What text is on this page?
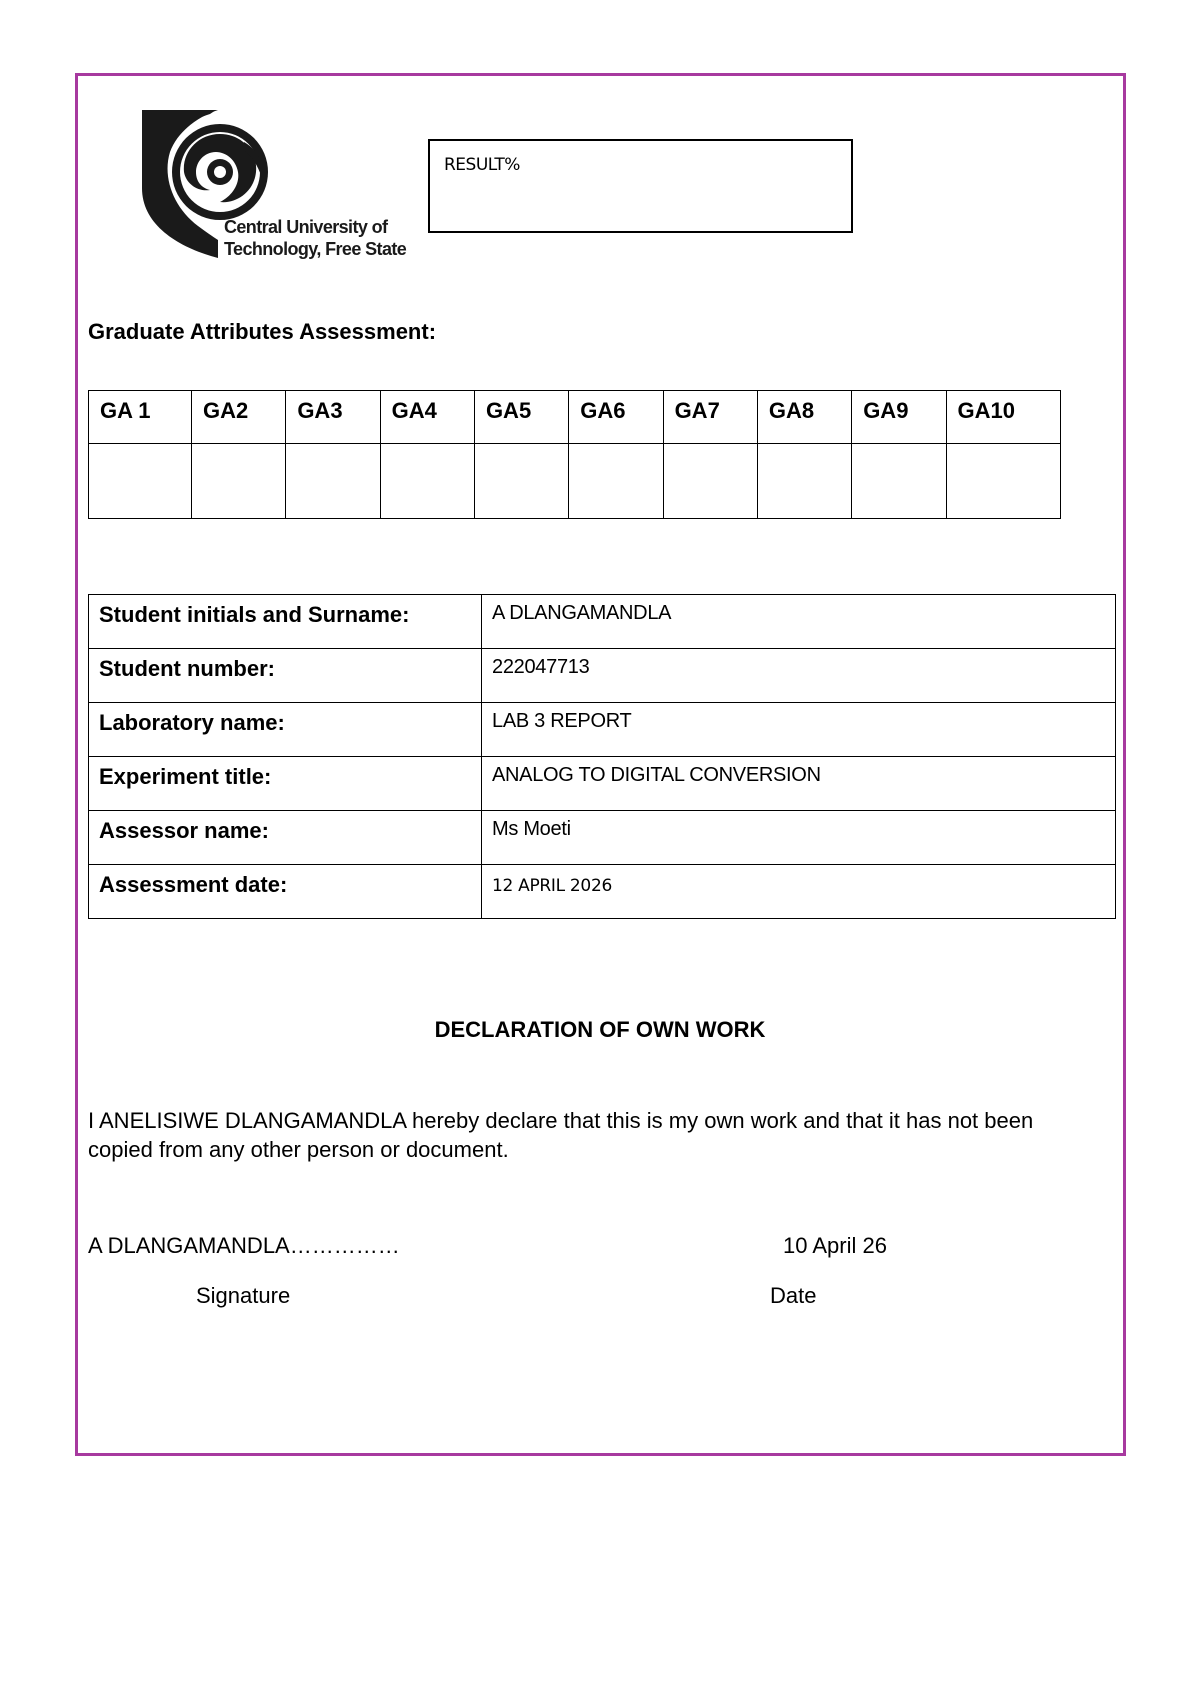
Central University of
Technology, Free State
RESULT%
Graduate Attributes Assessment:
GA 1	GA2	GA3	GA4	GA5	GA6	GA7	GA8	GA9	GA10

Student initials and Surname:	A DLANGAMANDLA
Student number:	222047713
Laboratory name:	LAB 3 REPORT
Experiment title:	ANALOG TO DIGITAL CONVERSION
Assessor name:	Ms Moeti
Assessment date:	12 APRIL 2026
DECLARATION OF OWN WORK
I ANELISIWE DLANGAMANDLA hereby declare that this is my own work and that it has not been copied from any other person or document.
A DLANGAMANDLA……………	10 April 26
Signature	Date
